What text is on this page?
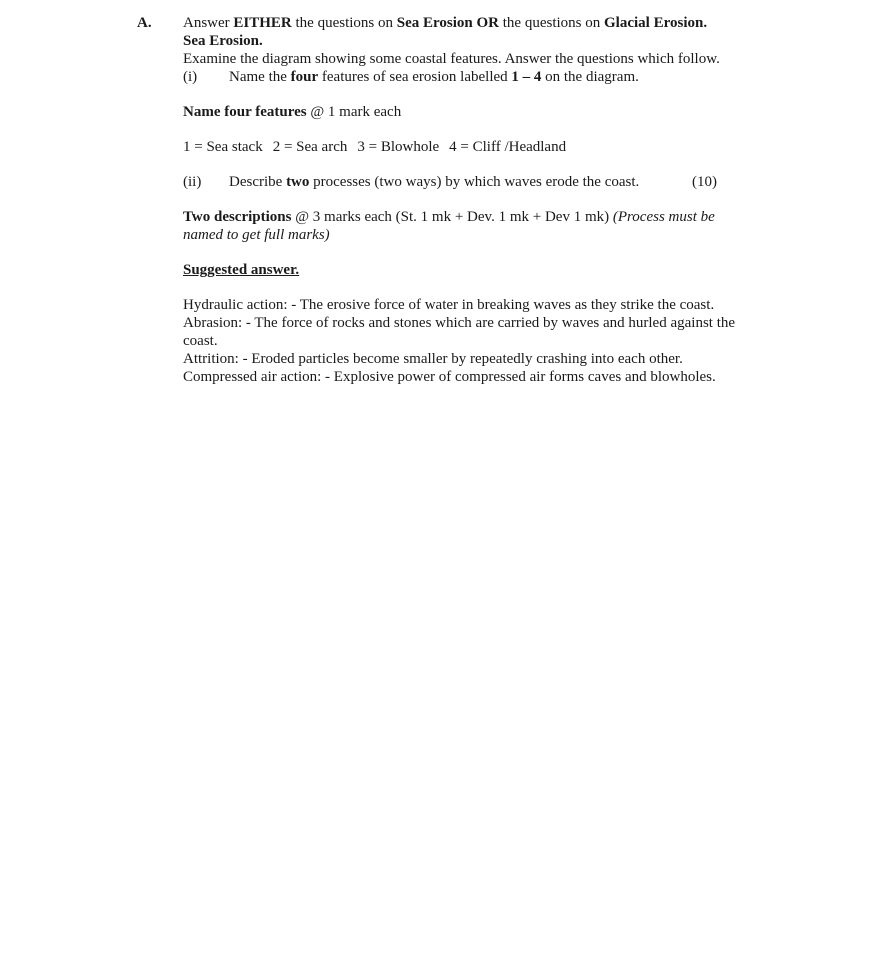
A. Answer EITHER the questions on Sea Erosion OR the questions on Glacial Erosion.
Sea Erosion.
Examine the diagram showing some coastal features. Answer the questions which follow.
(i) Name the four features of sea erosion labelled 1 – 4 on the diagram.
Name four features @ 1 mark each
1 = Sea stack 2 = Sea arch 3 = Blowhole 4 = Cliff /Headland
(ii) Describe two processes (two ways) by which waves erode the coast.	(10)
Two descriptions @ 3 marks each (St. 1 mk + Dev. 1 mk + Dev 1 mk) (Process must be
named to get full marks)
Suggested answer.
Hydraulic action: - The erosive force of water in breaking waves as they strike the coast.
Abrasion: - The force of rocks and stones which are carried by waves and hurled against the
coast.
Attrition: - Eroded particles become smaller by repeatedly crashing into each other.
Compressed air action: - Explosive power of compressed air forms caves and blowholes.
